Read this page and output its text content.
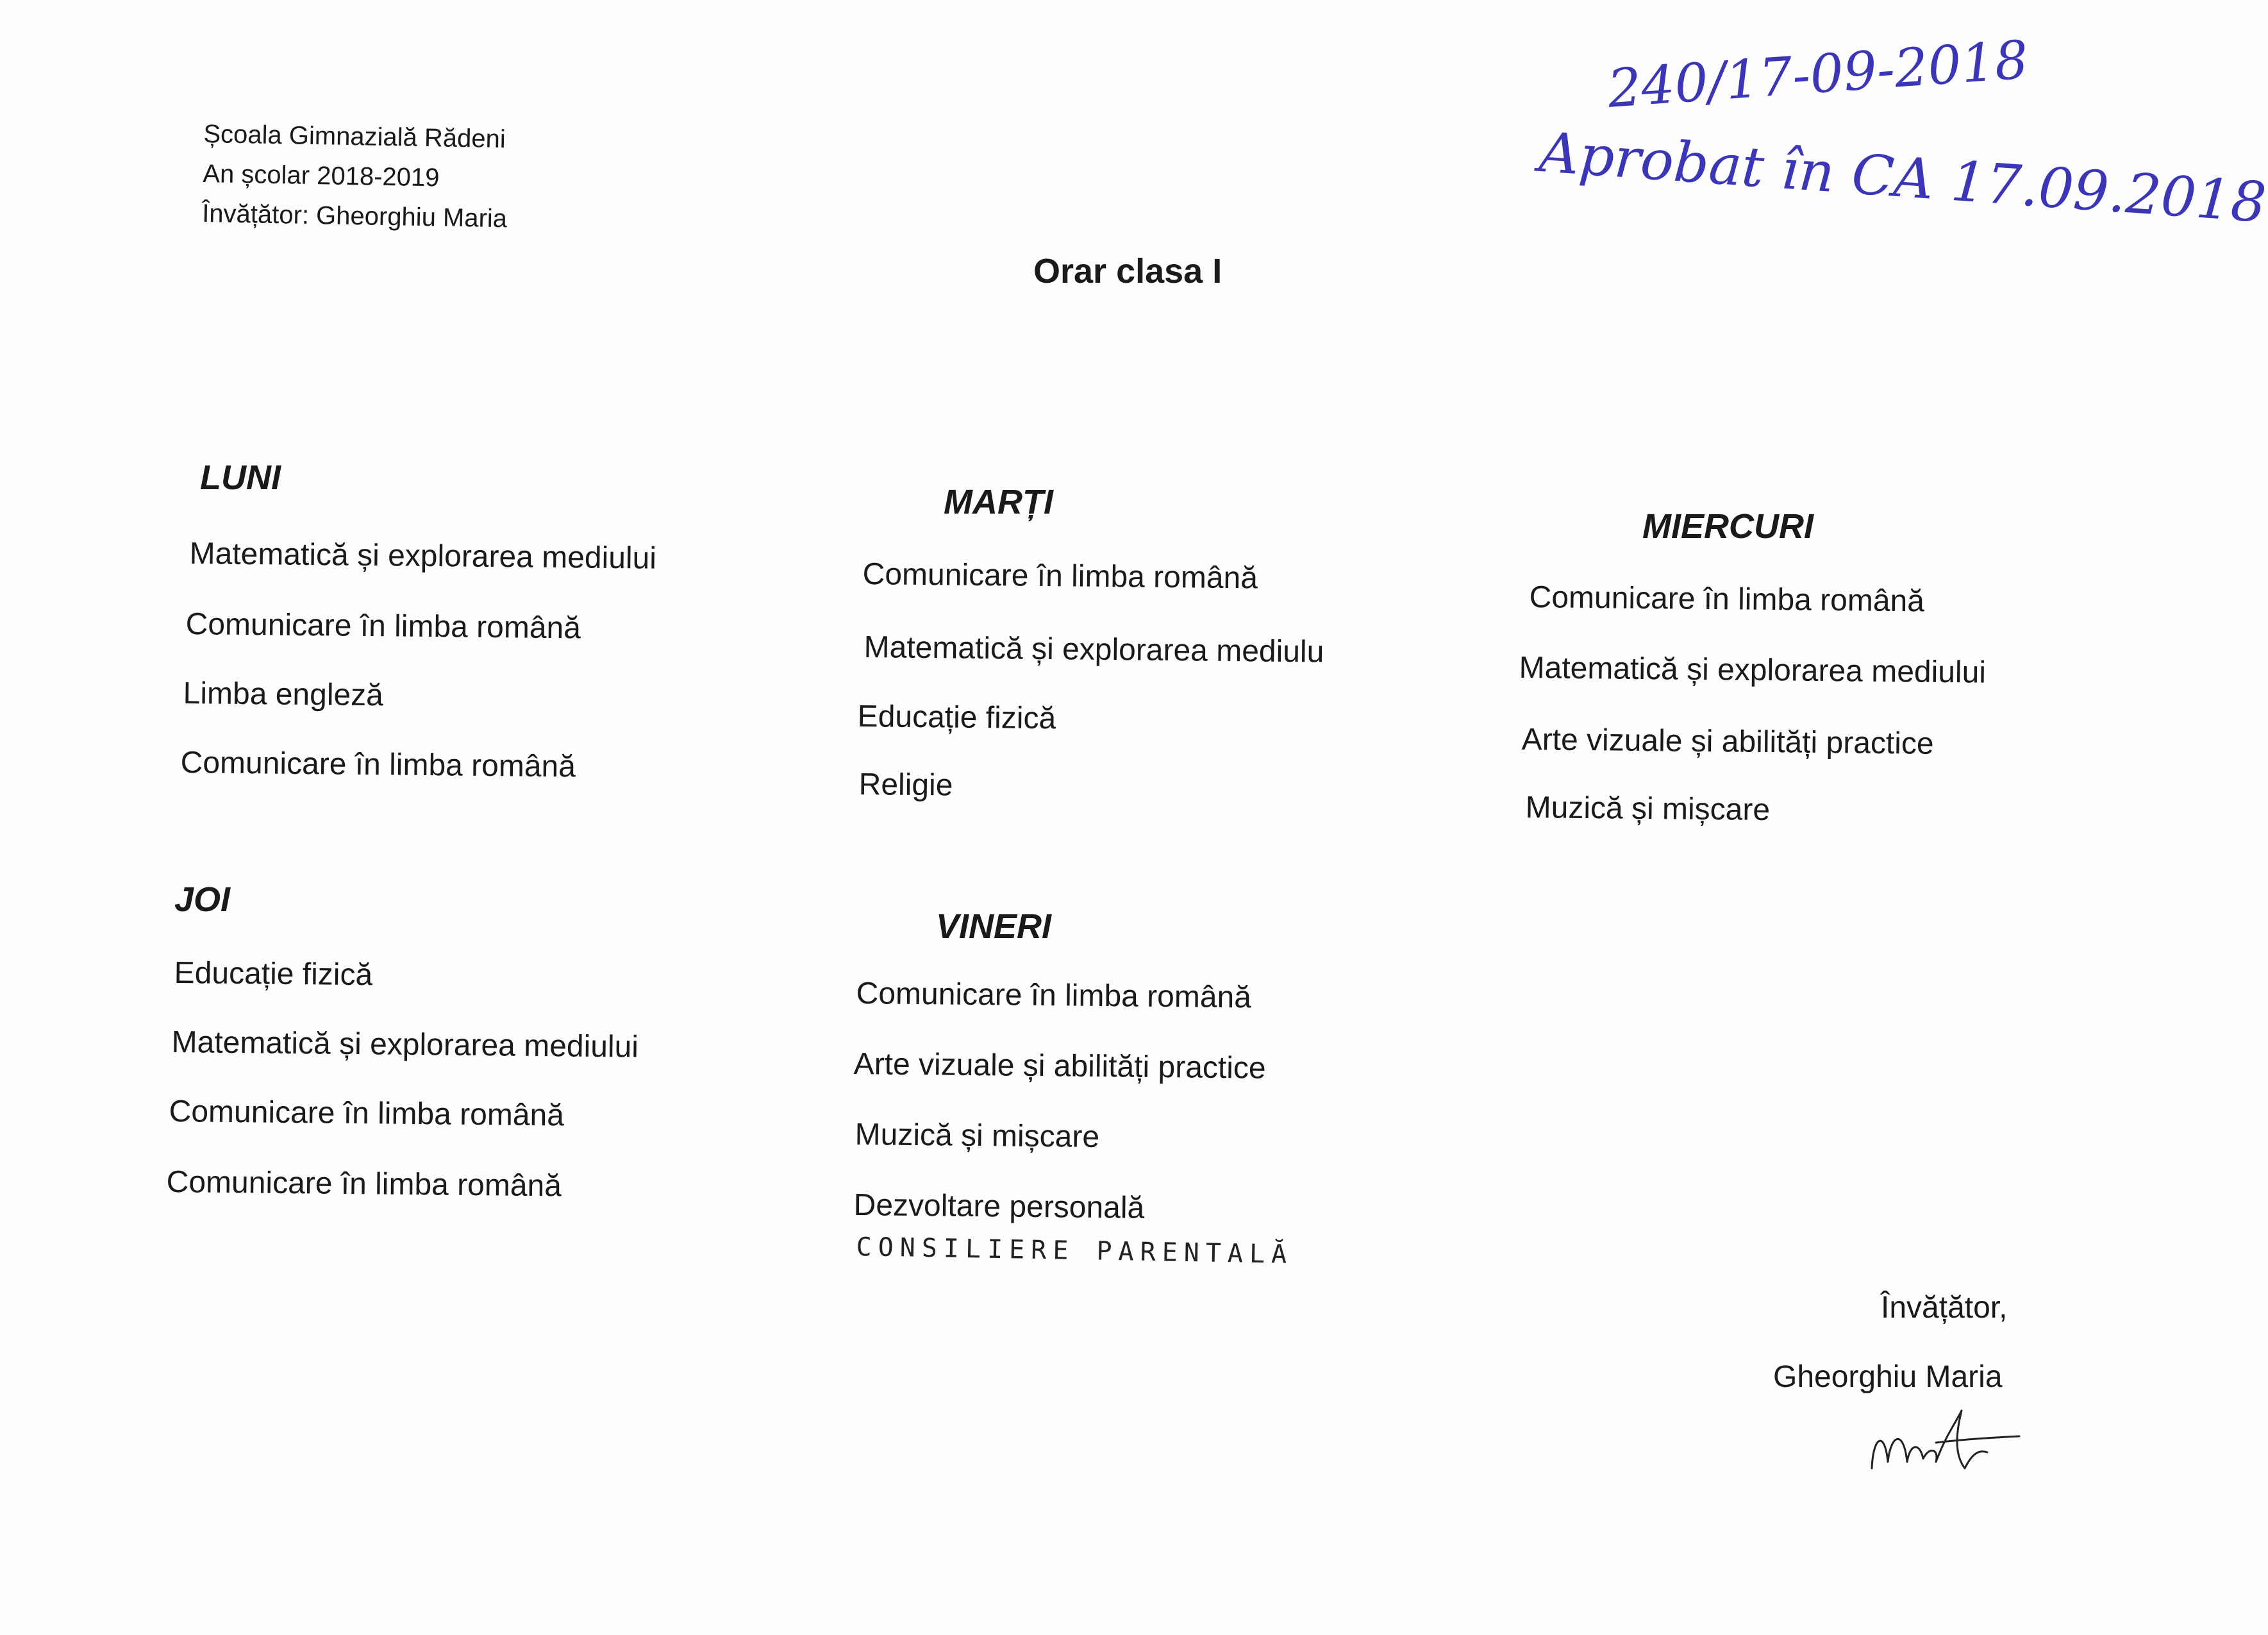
Școala Gimnazială Rădeni
An școlar 2018-2019
Învățător: Gheorghiu Maria
240/17-09-2018
Aprobat în CA 17.09.2018
Orar clasa I
LUNI
Matematică și explorarea mediului
Comunicare în limba română
Limba engleză
Comunicare în limba română
MARȚI
Comunicare în limba română
Matematică și explorarea mediulu
Educație fizică
Religie
MIERCURI
Comunicare în limba română
Matematică și explorarea mediului
Arte vizuale și abilități practice
Muzică și mișcare
JOI
Educație fizică
Matematică și explorarea mediului
Comunicare în limba română
Comunicare în limba română
VINERI
Comunicare în limba română
Arte vizuale și abilități practice
Muzică și mișcare
Dezvoltare personală
CONSILIERE PARENTALĂ
Învățător,
Gheorghiu Maria
